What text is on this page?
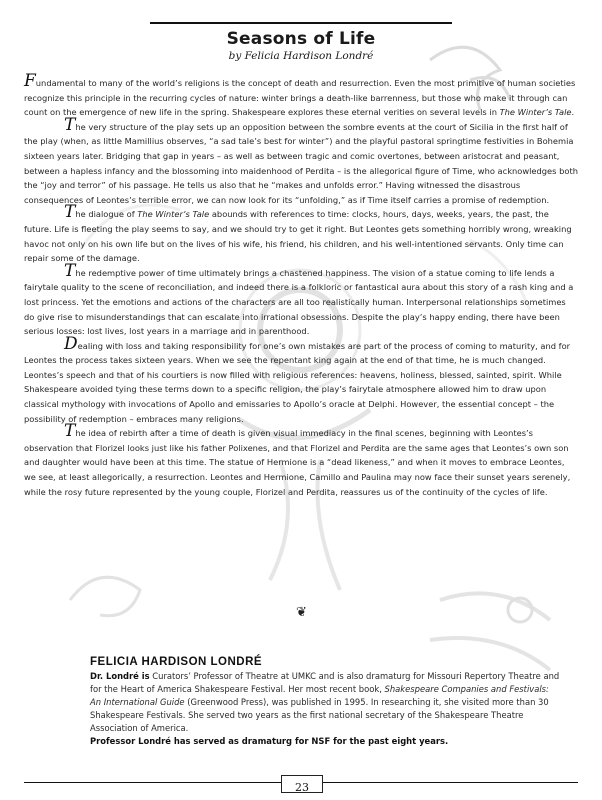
Seasons of Life
by Felicia Hardison Londré

Fundamental to many of the world’s religions is the concept of death and resurrection. Even the most primitive of human societies recognize this principle in the recurring cycles of nature: winter brings a death-like barrenness, but those who make it through can count on the emergence of new life in the spring. Shakespeare explores these eternal verities on several levels in The Winter’s Tale.

The very structure of the play sets up an opposition between the sombre events at the court of Sicilia in the first half of the play (when, as little Mamillius observes, “a sad tale’s best for winter”) and the playful pastoral springtime festivities in Bohemia sixteen years later. Bridging that gap in years – as well as between tragic and comic overtones, between aristocrat and peasant, between a hapless infancy and the blossoming into maidenhood of Perdita – is the allegorical figure of Time, who acknowledges both the “joy and terror” of his passage. He tells us also that he “makes and unfolds error.” Having witnessed the disastrous consequences of Leontes’s terrible error, we can now look for its “unfolding,” as if Time itself carries a promise of redemption.

The dialogue of The Winter’s Tale abounds with references to time: clocks, hours, days, weeks, years, the past, the future. Life is fleeting the play seems to say, and we should try to get it right. But Leontes gets something horribly wrong, wreaking havoc not only on his own life but on the lives of his wife, his friend, his children, and his well-intentioned servants. Only time can repair some of the damage.

The redemptive power of time ultimately brings a chastened happiness. The vision of a statue coming to life lends a fairytale quality to the scene of reconciliation, and indeed there is a folkloric or fantastical aura about this story of a rash king and a lost princess. Yet the emotions and actions of the characters are all too realistically human. Interpersonal relationships sometimes do give rise to misunderstandings that can escalate into irrational obsessions. Despite the play’s happy ending, there have been serious losses: lost lives, lost years in a marriage and in parenthood.

Dealing with loss and taking responsibility for one’s own mistakes are part of the process of coming to maturity, and for Leontes the process takes sixteen years. When we see the repentant king again at the end of that time, he is much changed. Leontes’s speech and that of his courtiers is now filled with religious references: heavens, holiness, blessed, sainted, spirit. While Shakespeare avoided tying these terms down to a specific religion, the play’s fairytale atmosphere allowed him to draw upon classical mythology with invocations of Apollo and emissaries to Apollo’s oracle at Delphi. However, the essential concept – the possibility of redemption – embraces many religions.

The idea of rebirth after a time of death is given visual immediacy in the final scenes, beginning with Leontes’s observation that Florizel looks just like his father Polixenes, and that Florizel and Perdita are the same ages that Leontes’s own son and daughter would have been at this time. The statue of Hermione is a “dead likeness,” and when it moves to embrace Leontes, we see, at least allegorically, a resurrection. Leontes and Hermione, Camillo and Paulina may now face their sunset years serenely, while the rosy future represented by the young couple, Florizel and Perdita, reassures us of the continuity of the cycles of life.

❦
FELICIA HARDISON LONDRÉ
Dr. Londré is Curators’ Professor of Theatre at UMKC and is also dramaturg for Missouri Repertory Theatre and for the Heart of America Shakespeare Festival. Her most recent book, Shakespeare Companies and Festivals: An International Guide (Greenwood Press), was published in 1995. In researching it, she visited more than 30 Shakespeare Festivals. She served two years as the first national secretary of the Shakespeare Theatre Association of America.
Professor Londré has served as dramaturg for NSF for the past eight years.
23
